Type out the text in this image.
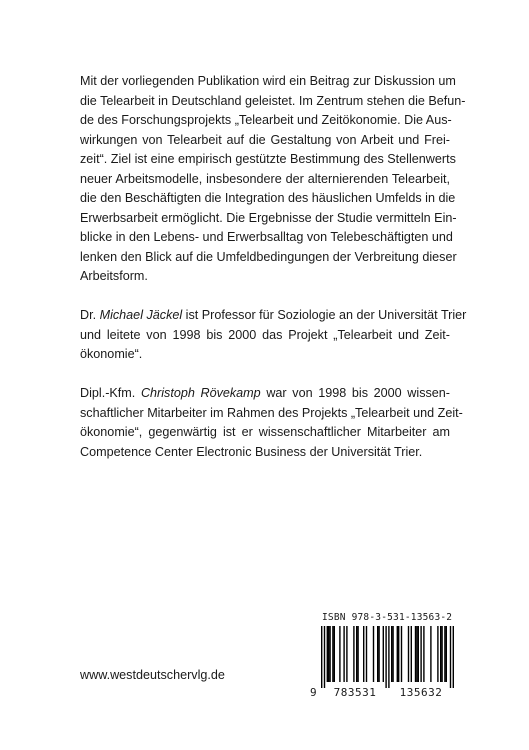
Mit der vorliegenden Publikation wird ein Beitrag zur Diskussion um
die Telearbeit in Deutschland geleistet. Im Zentrum stehen die Befun-
de des Forschungsprojekts „Telearbeit und Zeitökonomie. Die Aus-
wirkungen von Telearbeit auf die Gestaltung von Arbeit und Frei-
zeit“. Ziel ist eine empirisch gestützte Bestimmung des Stellenwerts
neuer Arbeitsmodelle, insbesondere der alternierenden Telearbeit,
die den Beschäftigten die Integration des häuslichen Umfelds in die
Erwerbsarbeit ermöglicht. Die Ergebnisse der Studie vermitteln Ein-
blicke in den Lebens- und Erwerbsalltag von Telebeschäftigten und
lenken den Blick auf die Umfeldbedingungen der Verbreitung dieser
Arbeitsform.
Dr. Michael Jäckel ist Professor für Soziologie an der Universität Trier
und leitete von 1998 bis 2000 das Projekt „Telearbeit und Zeit-
ökonomie“.
Dipl.-Kfm. Christoph Rövekamp war von 1998 bis 2000 wissen-
schaftlicher Mitarbeiter im Rahmen des Projekts „Telearbeit und Zeit-
ökonomie“, gegenwärtig ist er wissenschaftlicher Mitarbeiter am
Competence Center Electronic Business der Universität Trier.
www.westdeutschervlg.de
ISBN 978-3-531-13563-2
9	783531	135632
